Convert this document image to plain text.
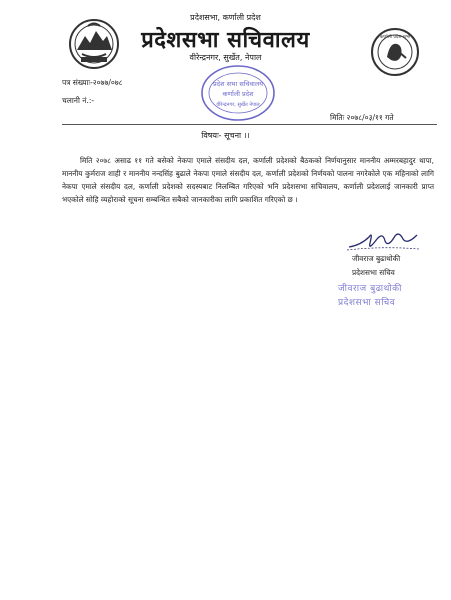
प्रदेशसभा, कर्णाली प्रदेश
प्रदेशसभा सचिवालय
वीरेन्द्रनगर, सुर्खेत, नेपाल
कर्णाली प्रदेश सभा
पत्र संख्याः-२०७७/०७८
चलानी नं.:-
मितिः २०७८/०३/११ गते
प्रदेश सभा सचिवालय
कर्णाली प्रदेश
वीरेन्द्रनगर, सुर्खेत नेपाल
विषयः- सूचना ।।
मिति २०७८ असाढ ११ गते बसेको नेकपा एमाले संसदीय दल, कर्णाली प्रदेशको बैठकको निर्णयानुसार माननीय अम्मरबहादुर थापा, माननीय कुर्मराज शाही र माननीय नन्दसिंह बुढाले नेकपा एमाले संसदीय दल, कर्णाली प्रदेशको निर्णयको पालना नगरेकोले एक महिनाको लागि नेकपा एमाले संसदीय दल, कर्णाली प्रदेशको सदस्यबाट निलम्बित गरिएको भनि प्रदेशसभा सचिवालय, कर्णाली प्रदेशलाई जानकारी प्राप्त भएकोले सोहि व्यहोराको सूचना सम्बन्धित सबैको जानकारीका लागि प्रकाशित गरिएको छ ।
जीवराज बुढाथोकी
प्रदेशसभा सचिव
जीवराज बुढाथोकी
प्रदेशसभा सचिव
